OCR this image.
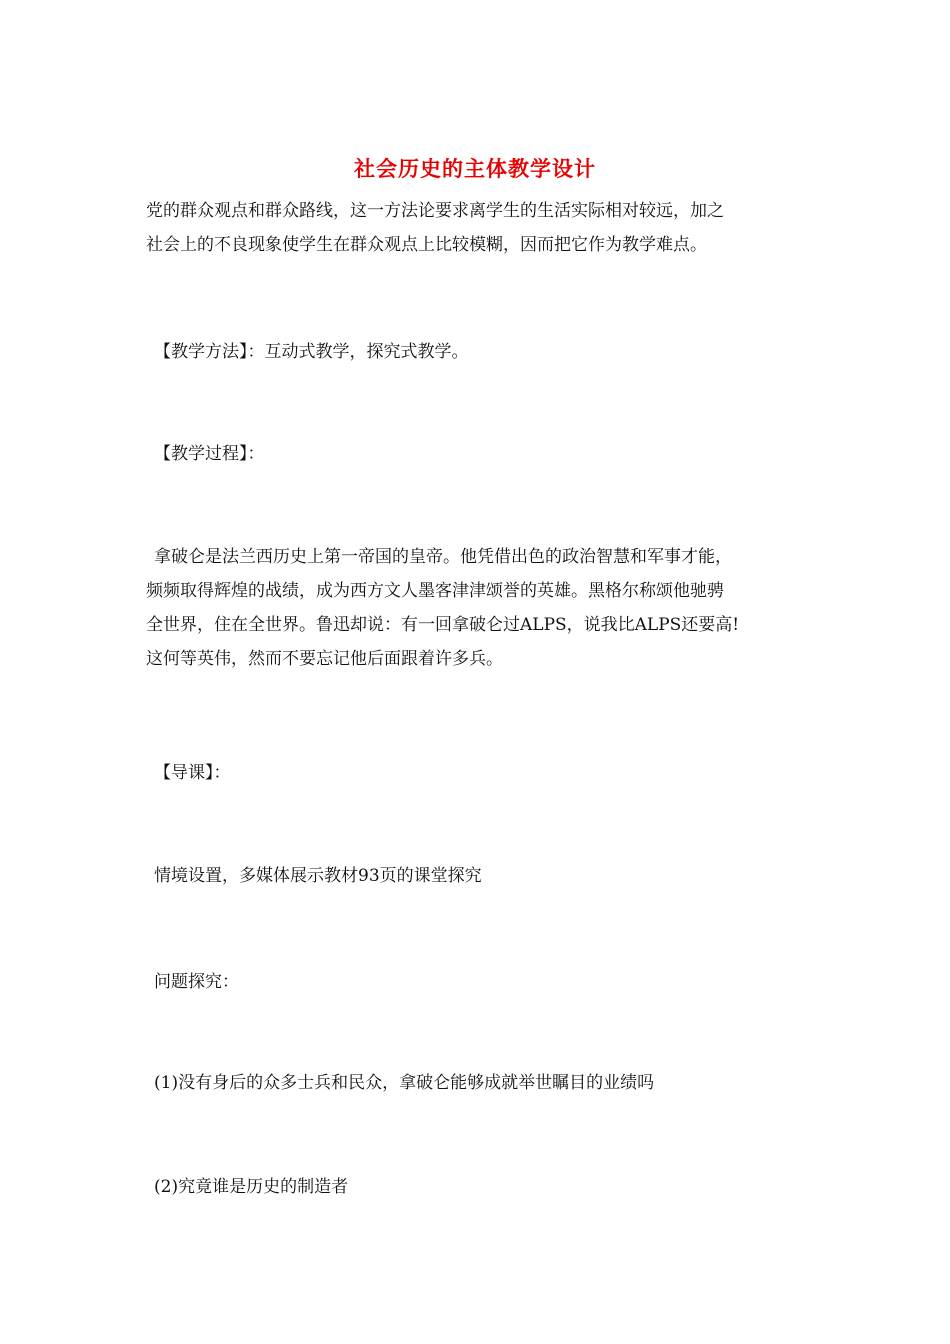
社会历史的主体教学设计
党的群众观点和群众路线，这一方法论要求离学生的生活实际相对较远，加之
社会上的不良现象使学生在群众观点上比较模糊，因而把它作为教学难点。
【教学方法】：互动式教学，探究式教学。
【教学过程】：
拿破仑是法兰西历史上第一帝国的皇帝。他凭借出色的政治智慧和军事才能，
频频取得辉煌的战绩，成为西方文人墨客津津颂誉的英雄。黑格尔称颂他驰骋
全世界，住在全世界。鲁迅却说：有一回拿破仑过ALPS，说我比ALPS还要高!
这何等英伟，然而不要忘记他后面跟着许多兵。
【导课】：
情境设置，多媒体展示教材93页的课堂探究
问题探究：
(1)没有身后的众多士兵和民众，拿破仑能够成就举世瞩目的业绩吗
(2)究竟谁是历史的制造者
